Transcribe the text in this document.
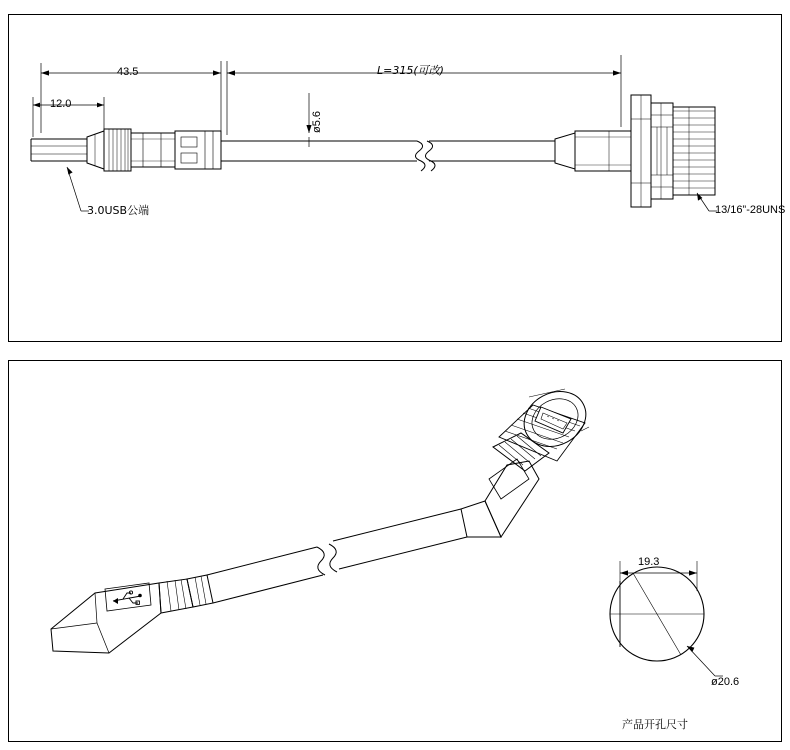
43.5
12.0
L=315(可改)
ø5.6
3.0USB公端	13/16”-28UNS
19.3
ø20.6
产品开孔尺寸
